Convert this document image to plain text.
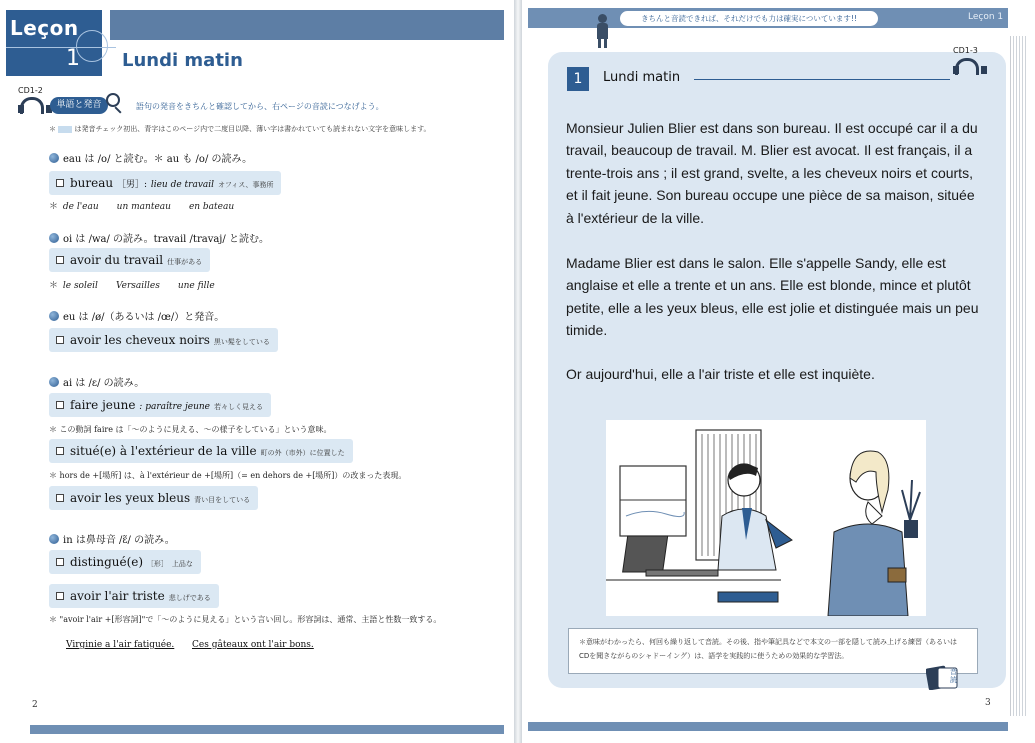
Leçon
1 Lundi matin
CD1-2
単語と発音	語句の発音をきちんと確認してから、右ページの音読につなげよう。
＊  は発音チェック初出、青字はこのページ内で二度目以降、薄い字は書かれていても読まれない文字を意味します。
eau は /o/ と読む。＊ au も /o/ の読み。
bureau ［男］: lieu de travail オフィス、事務所
＊ de l'eau un manteau en bateau
oi は /wa/ の読み。travail /travaj/ と読む。
avoir du travail 仕事がある
＊ le soleil Versailles une fille
eu は /ø/（あるいは /œ/）と発音。
avoir les cheveux noirs 黒い髪をしている
ai は /ɛ/ の読み。
faire jeune : paraître jeune 若々しく見える
＊ この動詞 faire は「～のように見える、～の様子をしている」という意味。
situé(e) à l'extérieur de la ville 町の外（市外）に位置した
＊ hors de +[場所] は、à l'extérieur de +[場所]（= en dehors de +[場所]）の改まった表現。
avoir les yeux bleus 青い目をしている
in は鼻母音 /ɛ̃/ の読み。
distingué(e) ［形］ 上品な
avoir l'air triste 悲しげである
＊ "avoir l'air +[形容詞]"で「～のように見える」という言い回し。形容詞は、通常、主語と性数一致する。
Virginie a l'air fatiguée. Ces gâteaux ont l'air bons.
2
きちんと音読できれば、それだけでも力は確実についています!!	Leçon 1
CD1-3
1	Lundi matin
Monsieur Julien Blier est dans son bureau. Il est occupé car il a du travail, beaucoup de travail. M. Blier est avocat. Il est français, il a trente-trois ans ; il est grand, svelte, a les cheveux noirs et courts, et il fait jeune. Son bureau occupe une pièce de sa maison, située à l'extérieur de la ville.
Madame Blier est dans le salon. Elle s'appelle Sandy, elle est anglaise et elle a trente et un ans. Elle est blonde, mince et plutôt petite, elle a les yeux bleus, elle est jolie et distinguée mais un peu timide.
Or aujourd'hui, elle a l'air triste et elle est inquiète.
＊意味がわかったら、何回も繰り返して音読。その後、指や筆記具などで本文の一部を隠して読み上げる練習（あるいはCDを聞きながらのシャドーイング）は、語学を実践的に使うための効果的な学習法。
音読
3
